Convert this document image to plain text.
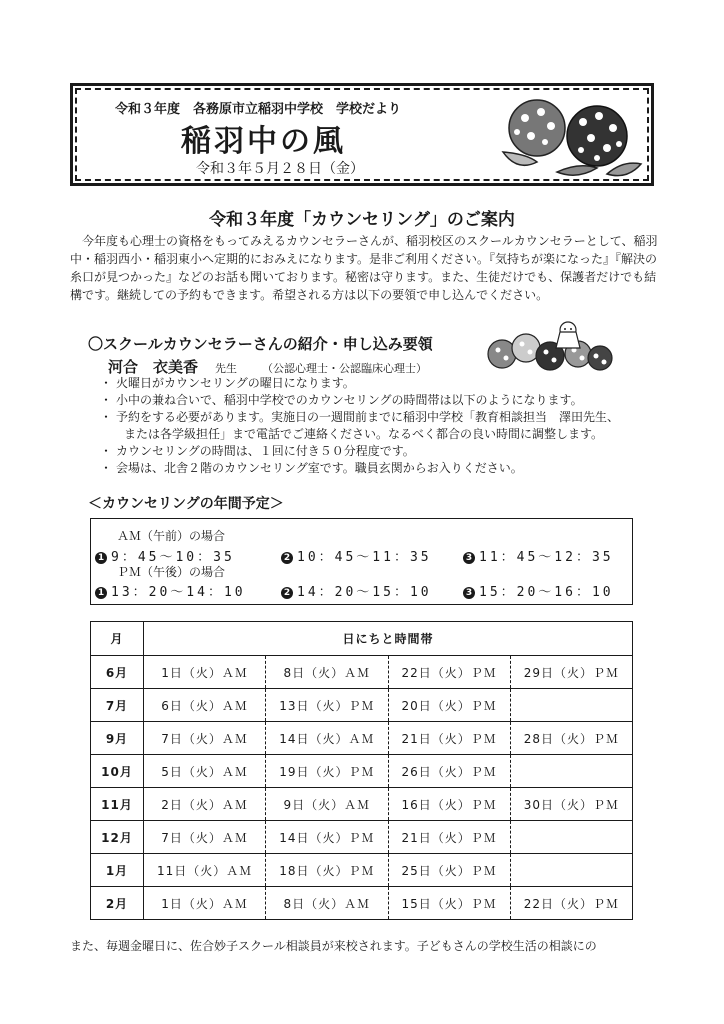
令和３年度　各務原市立稲羽中学校　学校だより
稲羽中の風
令和３年５月２８日（金）
令和３年度「カウンセリング」のご案内

今年度も心理士の資格をもってみえるカウンセラーさんが、稲羽校区のスクールカウンセラーとして、稲羽中・稲羽西小・稲羽東小へ定期的におみえになります。是非ご利用ください。『気持ちが楽になった』『解決の糸口が見つかった』などのお話も聞いております。秘密は守ります。また、生徒だけでも、保護者だけでも結構です。継続しての予約もできます。希望される方は以下の要領で申し込んでください。

〇スクールカウンセラーさんの紹介・申し込み要領
河合　衣美香 先生 （公認心理士・公認臨床心理士）
・ 火曜日がカウンセリングの曜日になります。
・ 小中の兼ね合いで、稲羽中学校でのカウンセリングの時間帯は以下のようになります。
・ 予約をする必要があります。実施日の一週間前までに稲羽中学校「教育相談担当　澤田先生、
または各学級担任」まで電話でご連絡ください。なるべく都合の良い時間に調整します。
・ カウンセリングの時間は、１回に付き５０分程度です。
・ 会場は、北舎２階のカウンセリング室です。職員玄関からお入りください。
＜カウンセリングの年間予定＞
ＡＭ（午前）の場合
1 9：45～10：35	2 10：45～11：35	3 11：45～12：35
ＰＭ（午後）の場合
1 13：20～14：10	2 14：20～15：10	3 15：20～16：10
月	日にちと時間帯			
6月	1日（火）ＡＭ	8日（火）ＡＭ	22日（火）ＰＭ	29日（火）ＰＭ
7月	6日（火）ＡＭ	13日（火）ＰＭ	20日（火）ＰＭ	
9月	7日（火）ＡＭ	14日（火）ＡＭ	21日（火）ＰＭ	28日（火）ＰＭ
10月	5日（火）ＡＭ	19日（火）ＰＭ	26日（火）ＰＭ	
11月	2日（火）ＡＭ	9日（火）ＡＭ	16日（火）ＰＭ	30日（火）ＰＭ
12月	7日（火）ＡＭ	14日（火）ＰＭ	21日（火）ＰＭ	
1月	11日（火）ＡＭ	18日（火）ＰＭ	25日（火）ＰＭ	
2月	1日（火）ＡＭ	8日（火）ＡＭ	15日（火）ＰＭ	22日（火）ＰＭ
また、毎週金曜日に、佐合妙子スクール相談員が来校されます。子どもさんの学校生活の相談にの
